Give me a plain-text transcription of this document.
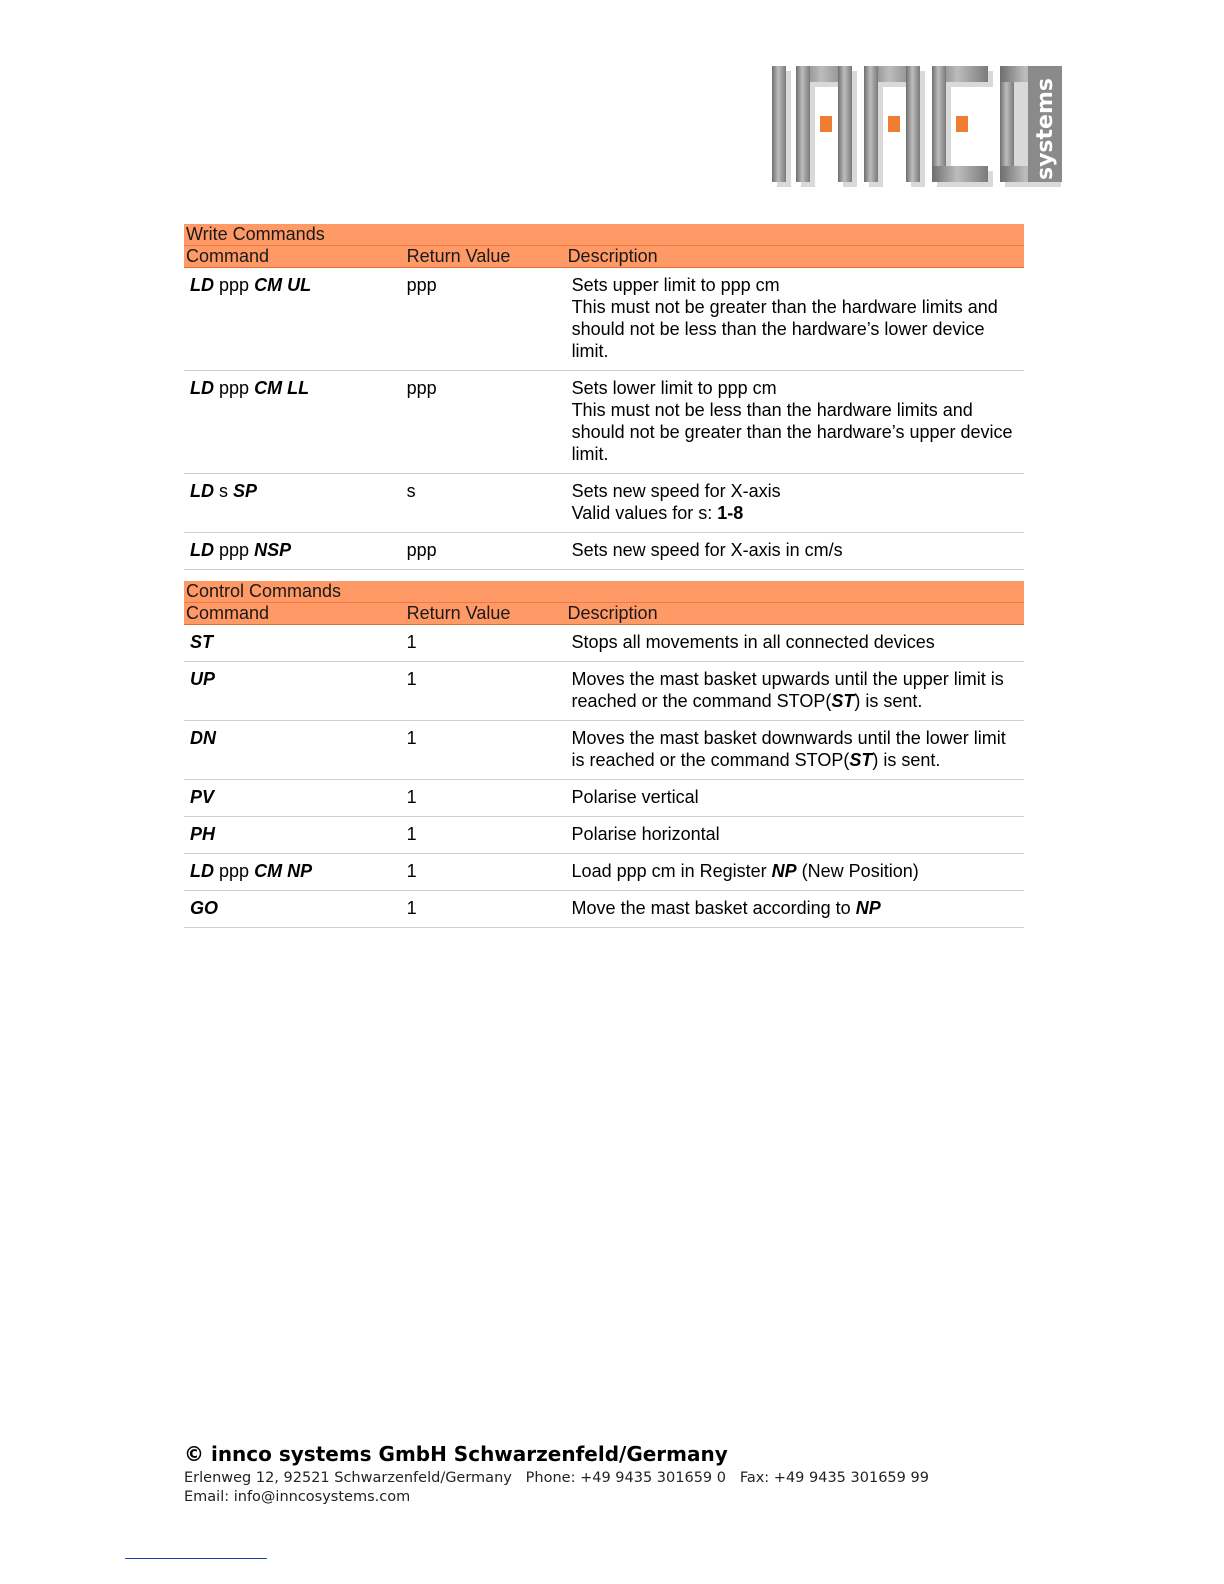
systems
Write Commands		
Command	Return Value	Description
LD ppp CM UL	ppp	Sets upper limit to ppp cm
This must not be greater than the hardware limits and should not be less than the hardware’s lower device limit.

LD ppp CM LL	ppp	Sets lower limit to ppp cm
This must not be less than the hardware limits and should not be greater than the hardware’s upper device limit.

LD s SP	s	Sets new speed for X-axis
Valid values for s: 1-8

LD ppp NSP	ppp	Sets new speed for X-axis in cm/s
Control Commands		
Command	Return Value	Description
ST	1	Stops all movements in all connected devices
UP	1	Moves the mast basket upwards until the upper limit is reached or the command STOP(ST) is sent.
DN	1	Moves the mast basket downwards until the lower limit is reached or the command STOP(ST) is sent.
PV	1	Polarise vertical
PH	1	Polarise horizontal
LD ppp CM NP	1	Load ppp cm in Register NP (New Position)
GO	1	Move the mast basket according to NP
© innco systems GmbH Schwarzenfeld/Germany
Erlenweg 12, 92521 Schwarzenfeld/Germany Phone: +49 9435 301659 0 Fax: +49 9435 301659 99
Email: info@inncosystems.com
